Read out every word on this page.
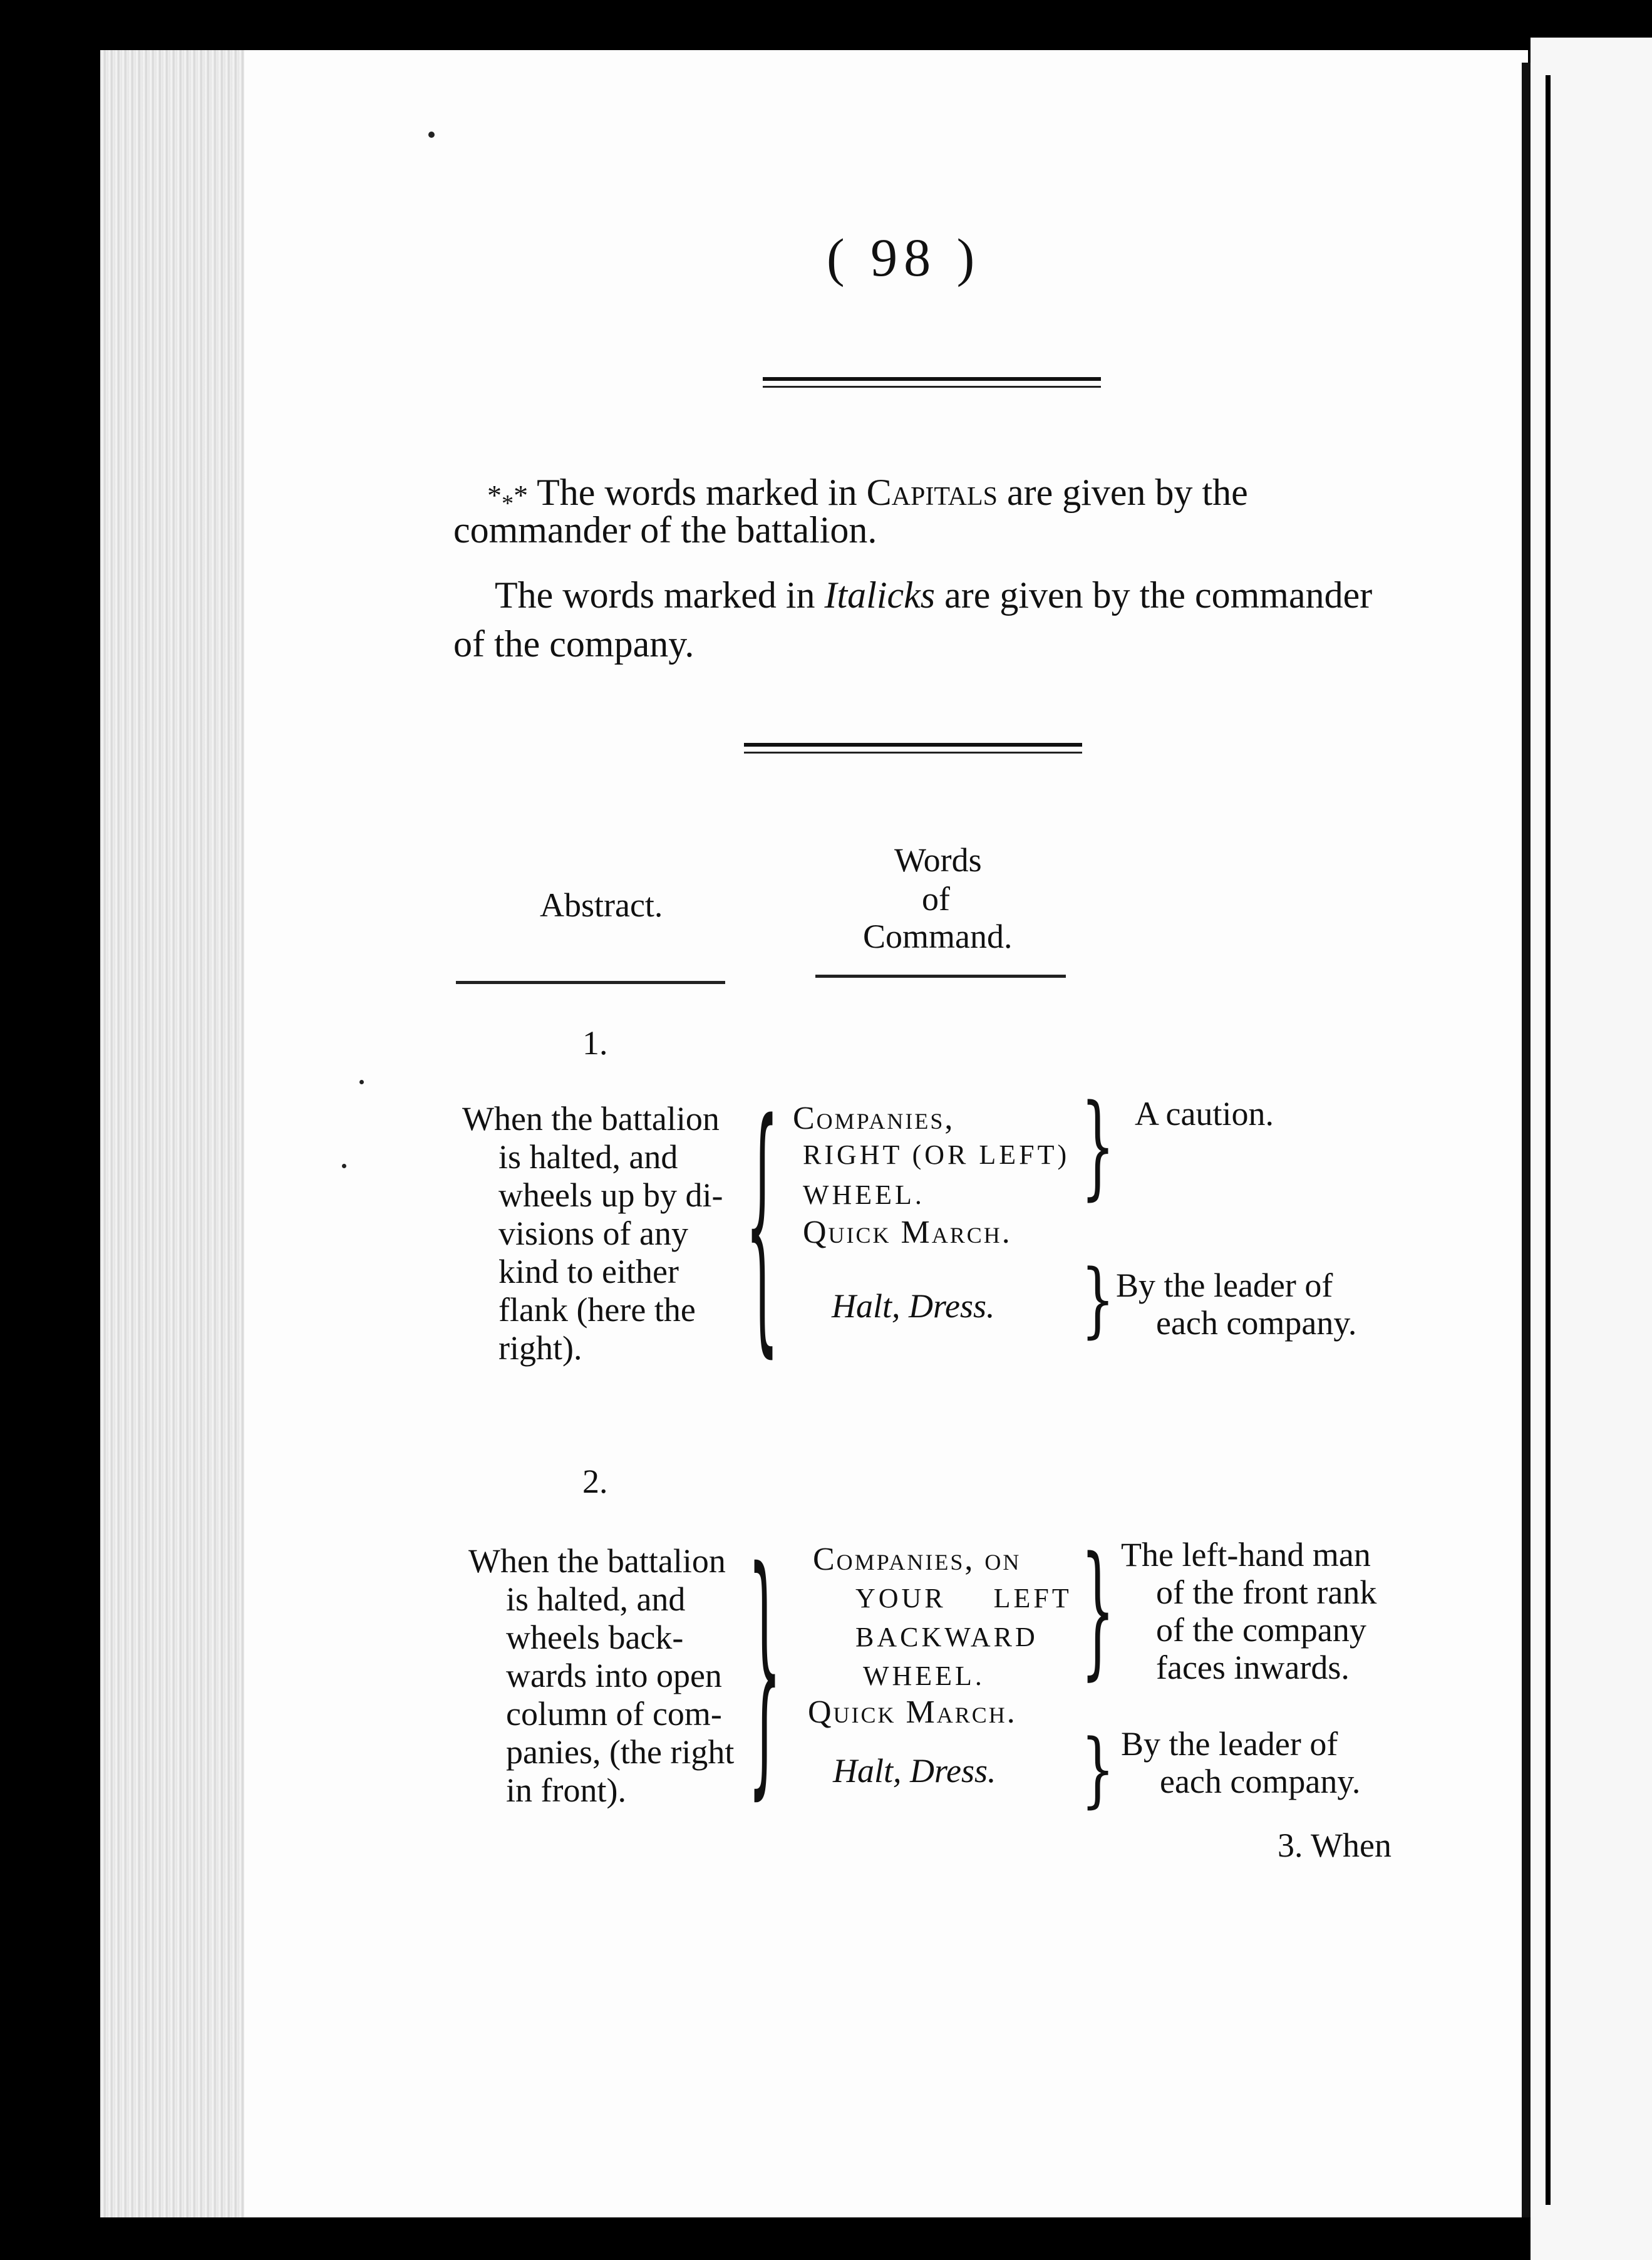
( 98 )
$*_**$ The words marked in Capitals are given by the
commander of the battalion.
The words marked in Italicks are given by the commander
of the company.
Abstract.
Words
of
Command.
1.
When the battalion
is halted, and
wheels up by di-
visions of any
kind to either
flank (here the
right).	{ Companies,
RIGHT (OR LEFT)
WHEEL.
Quick March.
Halt, Dress.
}
}
A caution.
By the leader of
each company.
2.
When the battalion
is halted, and
wheels back-
wards into open
column of com-
panies, (the right
in front).	} Companies, on
YOUR LEFT
BACKWARD
WHEEL.
Quick March.
Halt, Dress.
}
}
The left-hand man
of the front rank
of the company
faces inwards.
By the leader of
each company.
3. When
